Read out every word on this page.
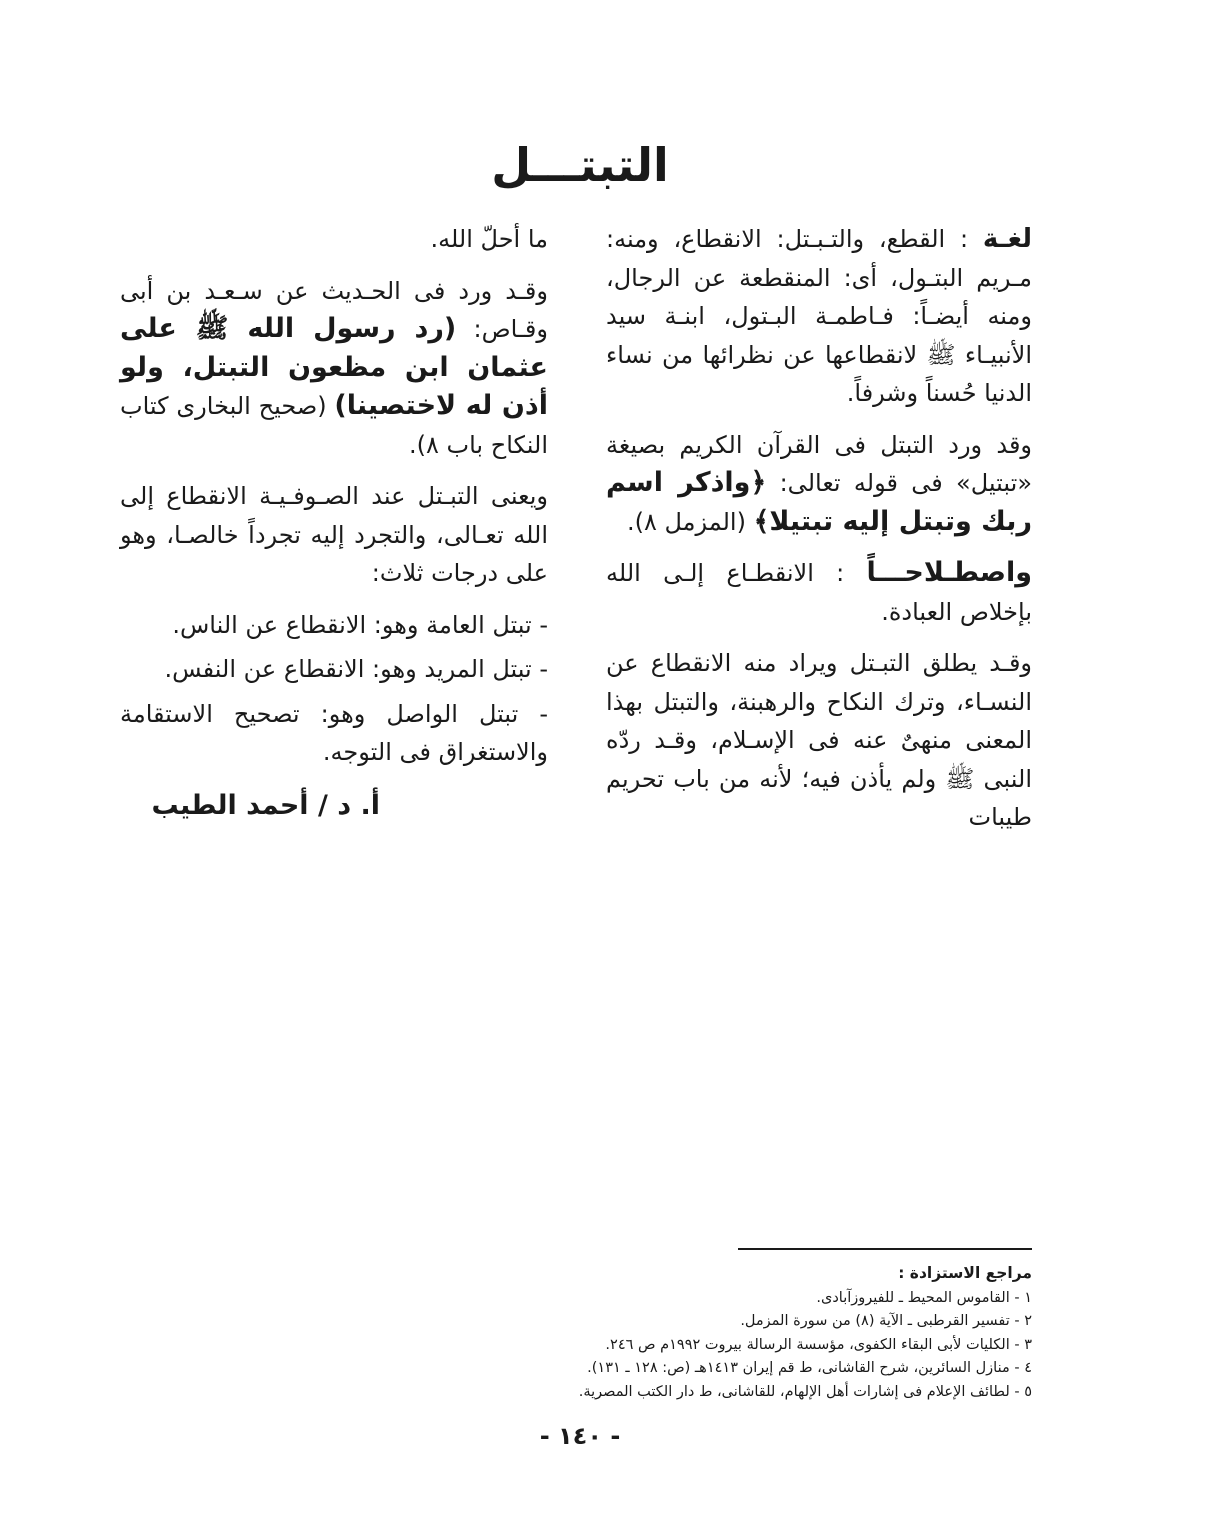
التبتـــل

لغـة : القطع، والتـبـتل: الانقطاع، ومنه: مـريم البتـول، أى: المنقطعة عن الرجال، ومنه أيضـاً: فـاطمـة البـتول، ابنـة سيد الأنبيـاء ﷺ لانقطاعها عن نظرائها من نساء الدنيا حُسناً وشرفاً.

وقد ورد التبتل فى القرآن الكريم بصيغة «تبتيل» فى قوله تعالى: ﴿واذكر اسم ربك وتبتل إليه تبتيلا﴾ (المزمل ٨).

واصطـلاحـــاً : الانقطـاع إلـى الله بإخلاص العبادة.

وقـد يطلق التبـتل ويراد منه الانقطاع عن النسـاء، وترك النكاح والرهبنة، والتبتل بهذا المعنى منهىٌ عنه فى الإسـلام، وقـد ردّه النبى ﷺ ولم يأذن فيه؛ لأنه من باب تحريم طيبات

ما أحلّ الله.

وقـد ورد فى الحـديث عن سـعـد بن أبى وقـاص: (رد رسول الله ﷺ على عثمان ابن مظعون التبتل، ولو أذن له لاختصينا) (صحيح البخارى كتاب النكاح باب ٨).

ويعنى التبـتل عند الصـوفـيـة الانقطاع إلى الله تعـالى، والتجرد إليه تجرداً خالصـا، وهو على درجات ثلاث:

- تبتل العامة وهو: الانقطاع عن الناس.

- تبتل المريد وهو: الانقطاع عن النفس.

- تبتل الواصل وهو: تصحيح الاستقامة والاستغراق فى التوجه.

أ. د / أحمد الطيب

مراجع الاستزادة :

١ - القاموس المحيط ـ للفيروزآبادى.

٢ - تفسير القرطبى ـ الآية (٨) من سورة المزمل.

٣ - الكليات لأبى البقاء الكفوى، مؤسسة الرسالة بيروت ١٩٩٢م ص ٢٤٦.

٤ - منازل السائرين، شرح القاشانى، ط قم إيران ١٤١٣هـ (ص: ١٢٨ ـ ١٣١).

٥ - لطائف الإعلام فى إشارات أهل الإلهام، للقاشانى، ط دار الكتب المصرية.

- ١٤٠ -
